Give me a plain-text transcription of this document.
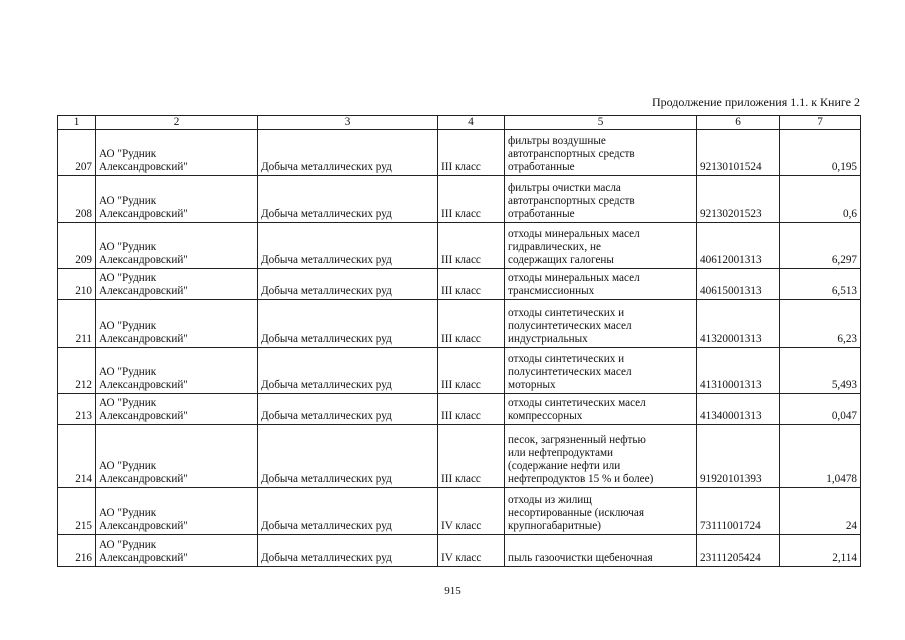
Продолжение приложения 1.1. к Книге 2
1	2	3	4	5	6	7
207	АО "Рудник
Александровский"	Добыча металлических руд	III класс	фильтры воздушные
автотранспортных средств
отработанные	92130101524	0,195
208	АО "Рудник
Александровский"	Добыча металлических руд	III класс	фильтры очистки масла
автотранспортных средств
отработанные	92130201523	0,6
209	АО "Рудник
Александровский"	Добыча металлических руд	III класс	отходы минеральных масел
гидравлических, не
содержащих галогены	40612001313	6,297
210	АО "Рудник
Александровский"	Добыча металлических руд	III класс	отходы минеральных масел
трансмиссионных	40615001313	6,513
211	АО "Рудник
Александровский"	Добыча металлических руд	III класс	отходы синтетических и
полусинтетических масел
индустриальных	41320001313	6,23
212	АО "Рудник
Александровский"	Добыча металлических руд	III класс	отходы синтетических и
полусинтетических масел
моторных	41310001313	5,493
213	АО "Рудник
Александровский"	Добыча металлических руд	III класс	отходы синтетических масел
компрессорных	41340001313	0,047
214	АО "Рудник
Александровский"	Добыча металлических руд	III класс	песок, загрязненный нефтью
или нефтепродуктами
(содержание нефти или
нефтепродуктов 15 % и более)	91920101393	1,0478
215	АО "Рудник
Александровский"	Добыча металлических руд	IV класс	отходы из жилищ
несортированные (исключая
крупногабаритные)	73111001724	24
216	АО "Рудник
Александровский"	Добыча металлических руд	IV класс	пыль газоочистки щебеночная	23111205424	2,114
915
